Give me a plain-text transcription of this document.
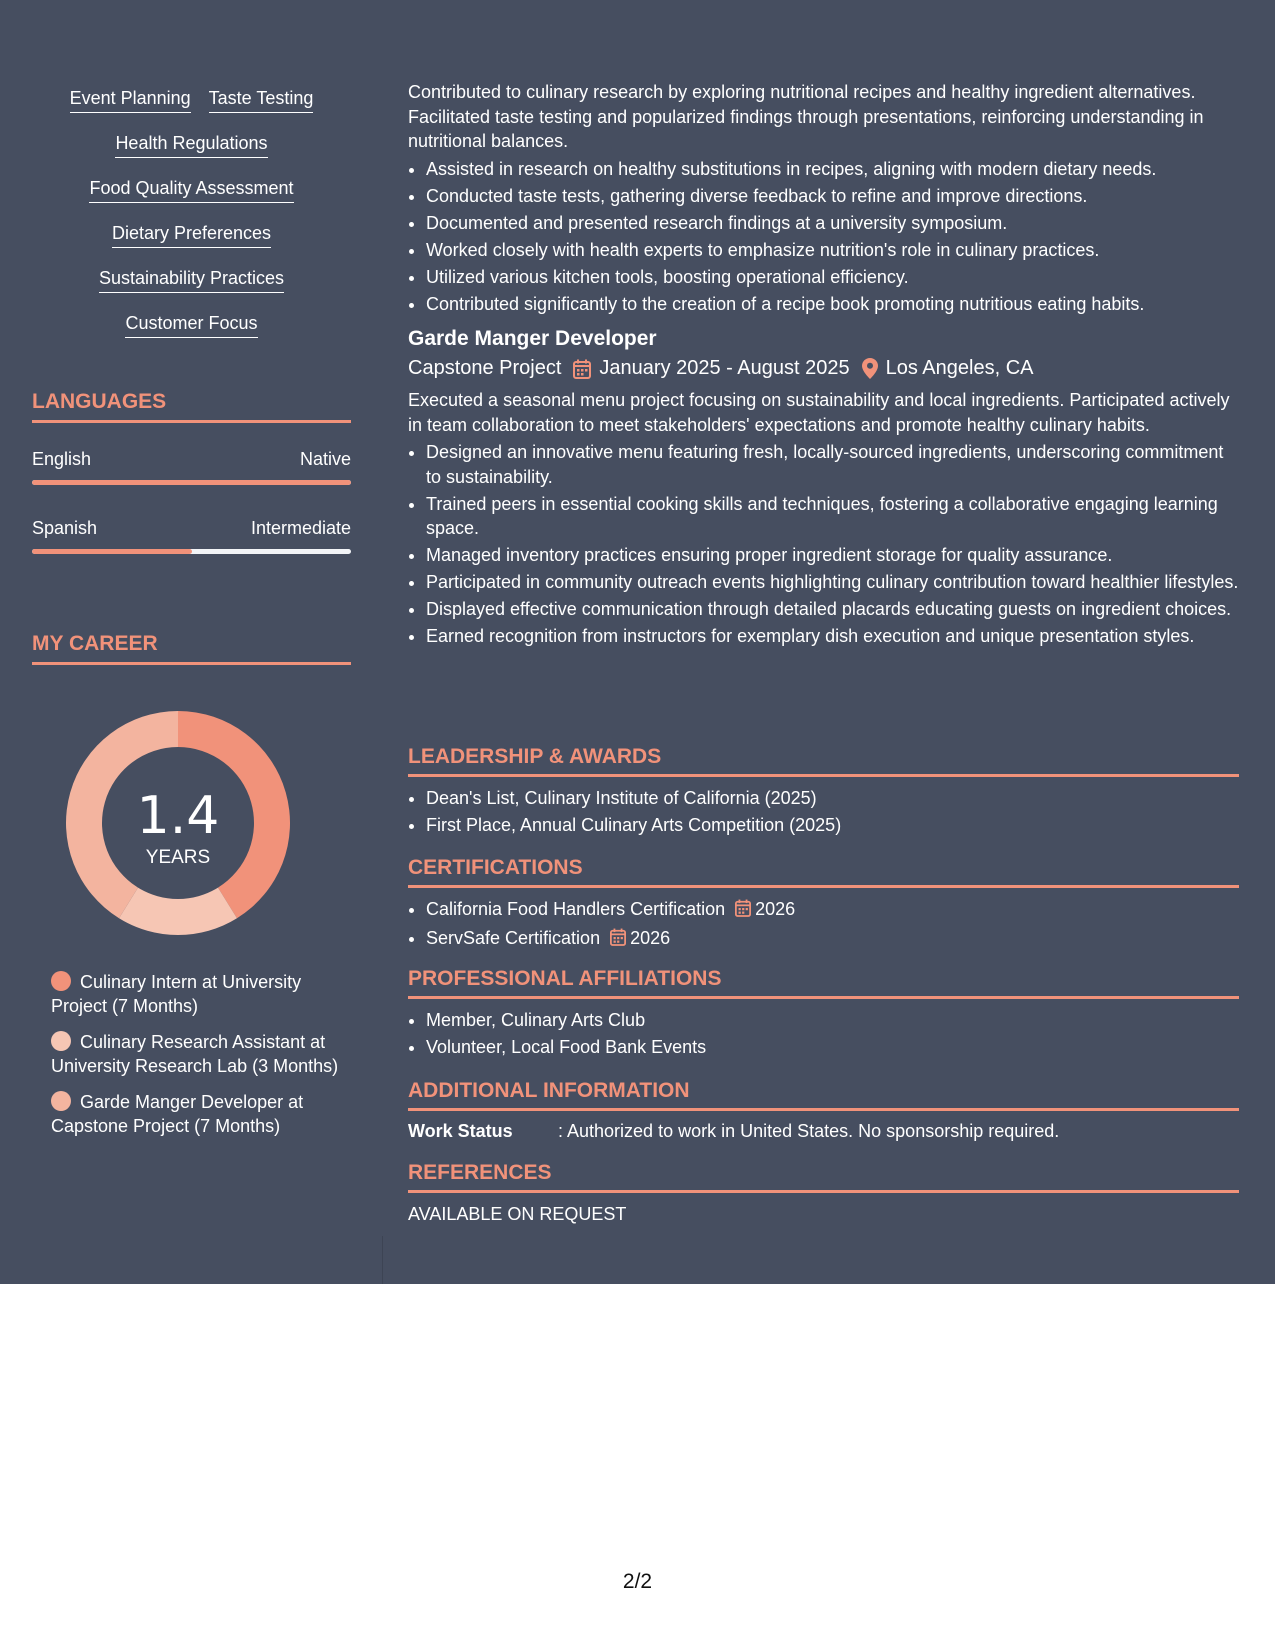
Event Planning Taste Testing
Health Regulations
Food Quality Assessment
Dietary Preferences
Sustainability Practices
Customer Focus
LANGUAGES
English	Native
Spanish	Intermediate
MY CAREER
1.4
YEARS
Culinary Intern at University Project (7 Months)
Culinary Research Assistant at University Research Lab (3 Months)
Garde Manger Developer at Capstone Project (7 Months)

Contributed to culinary research by exploring nutritional recipes and healthy ingredient alternatives. Facilitated taste testing and popularized findings through presentations, reinforcing understanding in nutritional balances.

• Assisted in research on healthy substitutions in recipes, aligning with modern dietary needs.
• Conducted taste tests, gathering diverse feedback to refine and improve directions.
• Documented and presented research findings at a university symposium.
• Worked closely with health experts to emphasize nutrition's role in culinary practices.
• Utilized various kitchen tools, boosting operational efficiency.
• Contributed significantly to the creation of a recipe book promoting nutritious eating habits.
Garde Manger Developer
Capstone Project January 2025 - August 2025 Los Angeles, CA

Executed a seasonal menu project focusing on sustainability and local ingredients. Participated actively in team collaboration to meet stakeholders' expectations and promote healthy culinary habits.

• Designed an innovative menu featuring fresh, locally-sourced ingredients, underscoring commitment to sustainability.
• Trained peers in essential cooking skills and techniques, fostering a collaborative engaging learning space.
• Managed inventory practices ensuring proper ingredient storage for quality assurance.
• Participated in community outreach events highlighting culinary contribution toward healthier lifestyles.
• Displayed effective communication through detailed placards educating guests on ingredient choices.
• Earned recognition from instructors for exemplary dish execution and unique presentation styles.
LEADERSHIP & AWARDS
• Dean's List, Culinary Institute of California (2025)
• First Place, Annual Culinary Arts Competition (2025)
CERTIFICATIONS
• California Food Handlers Certification 2026
• ServSafe Certification 2026
PROFESSIONAL AFFILIATIONS
• Member, Culinary Arts Club
• Volunteer, Local Food Bank Events
ADDITIONAL INFORMATION
Work Status	: Authorized to work in United States. No sponsorship required.
REFERENCES
AVAILABLE ON REQUEST
2/2
